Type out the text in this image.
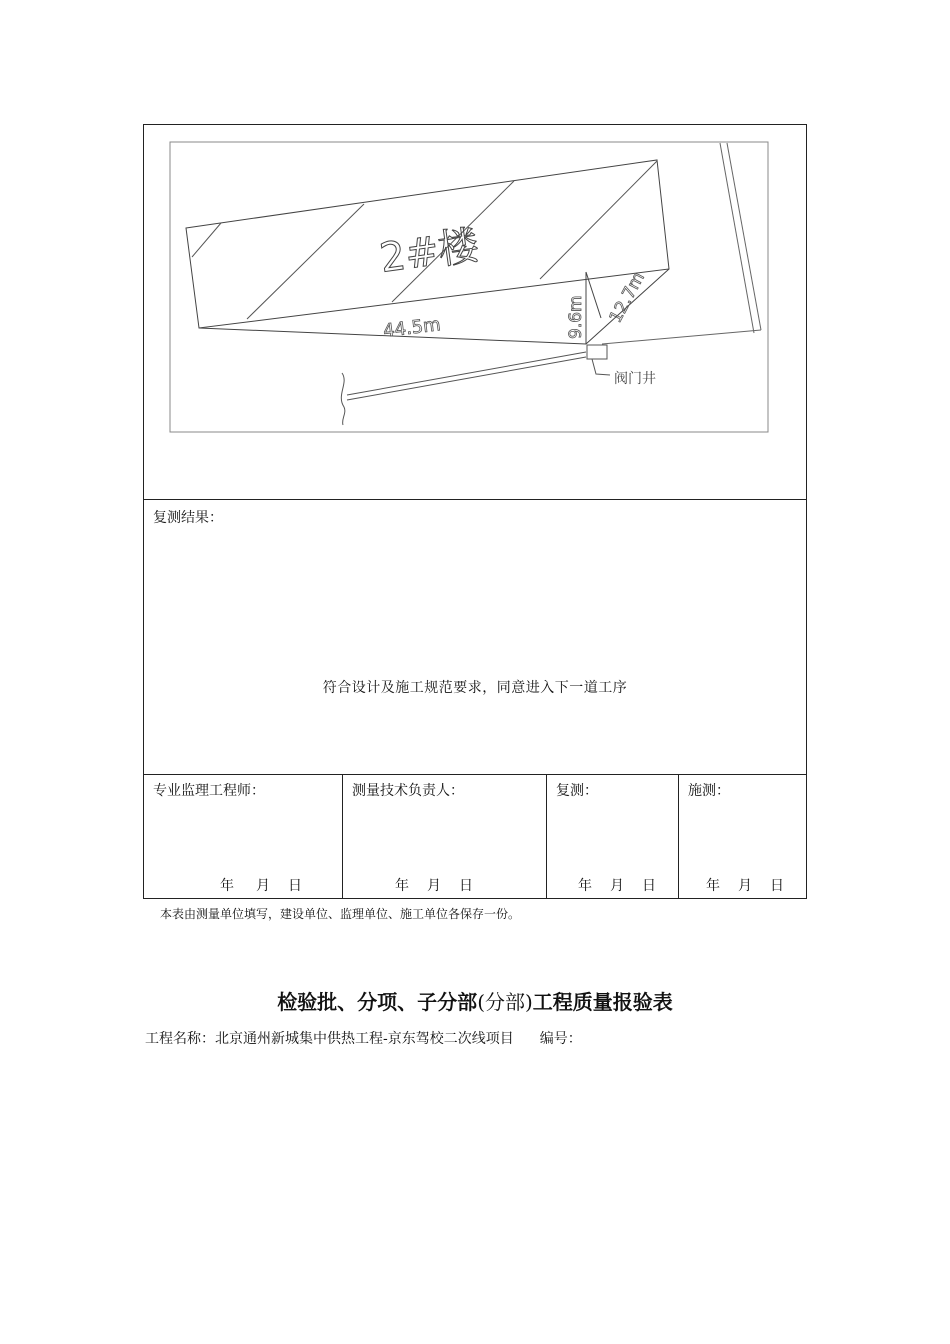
2#楼
44.5m	9.6m 12.7m
阀门井
复测结果：
符合设计及施工规范要求，同意进入下一道工序
专业监理工程师：
年 月 日
测量技术负责人：
年 月 日
复测：
年 月 日
施测：
年 月 日
本表由测量单位填写，建设单位、监理单位、施工单位各保存一份。
检验批、分项、子分部(分部)工程质量报验表
工程名称：北京通州新城集中供热工程-京东驾校二次线项目 编号：
